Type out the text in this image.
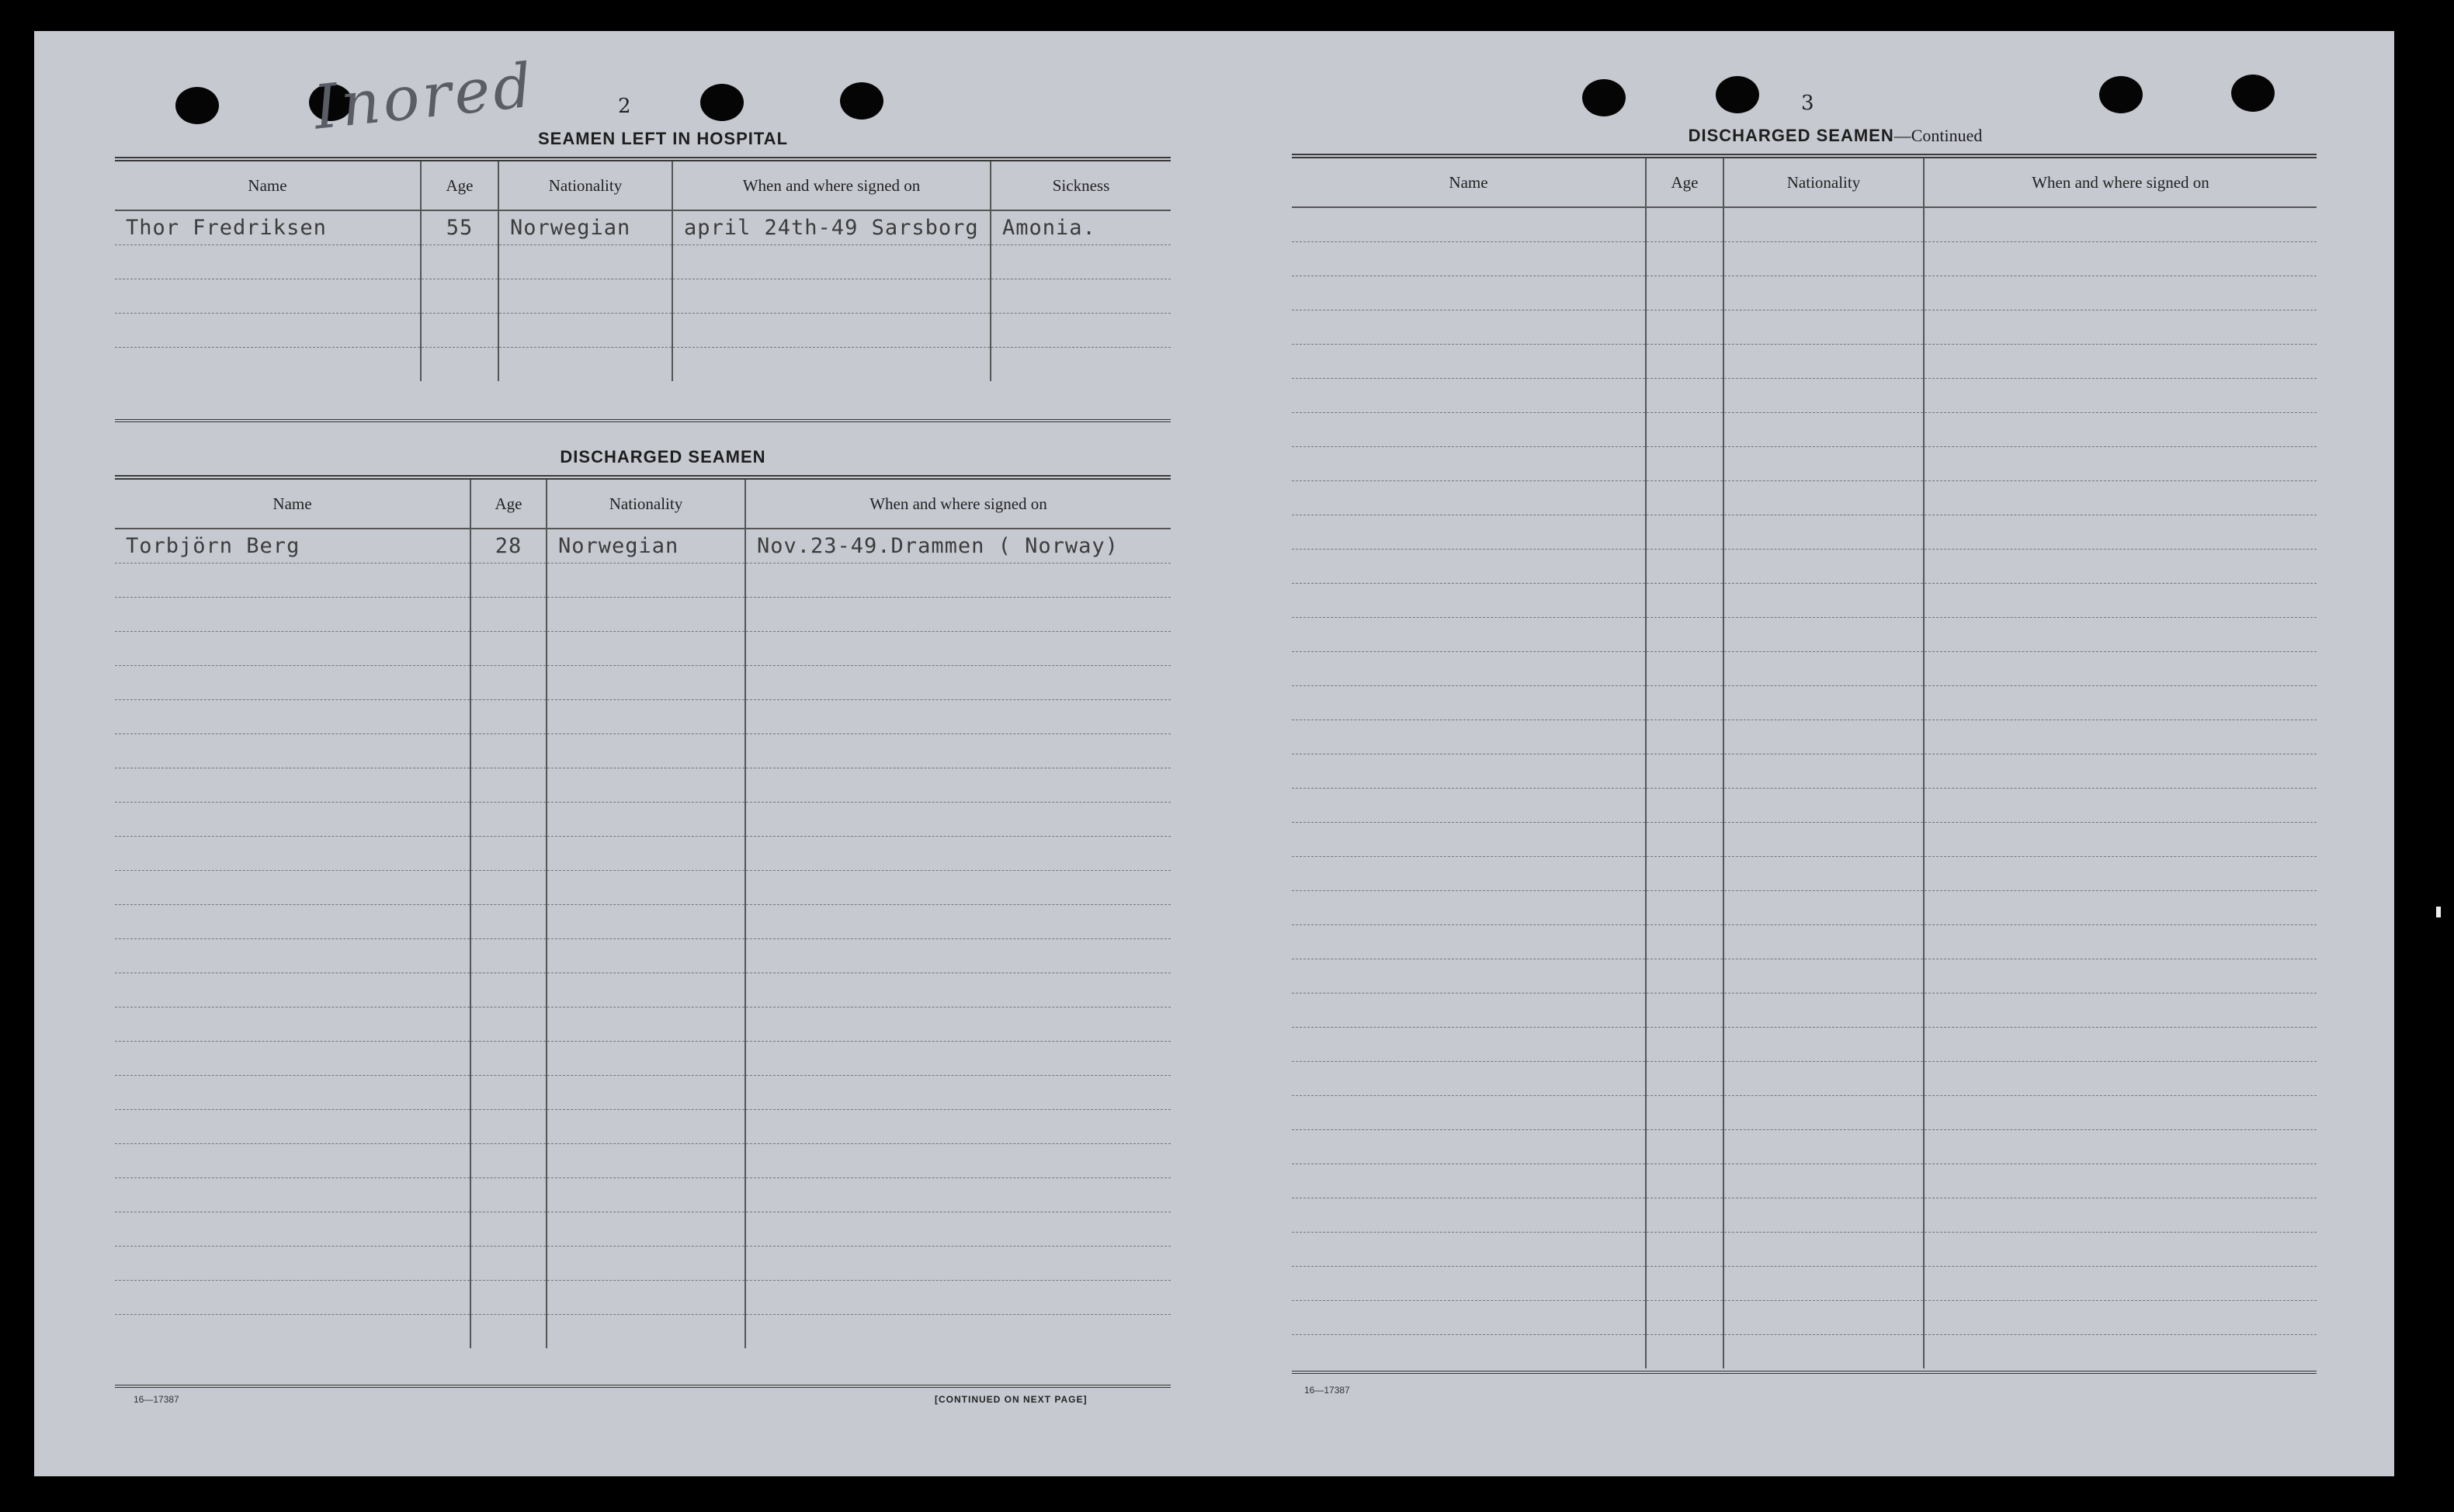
Inored	2
SEAMEN LEFT IN HOSPITAL
Name	Age	Nationality	When and where signed on	Sickness
Thor Fredriksen	55	Norwegian	april 24th-49 Sarsborg	Amonia.

DISCHARGED SEAMEN
Name	Age	Nationality	When and where signed on
Torbjörn Berg	28	Norwegian	Nov.23-49.Drammen ( Norway)

16—17387	[CONTINUED ON NEXT PAGE]
3
DISCHARGED SEAMEN—Continued
Name	Age	Nationality	When and where signed on

16—17387
